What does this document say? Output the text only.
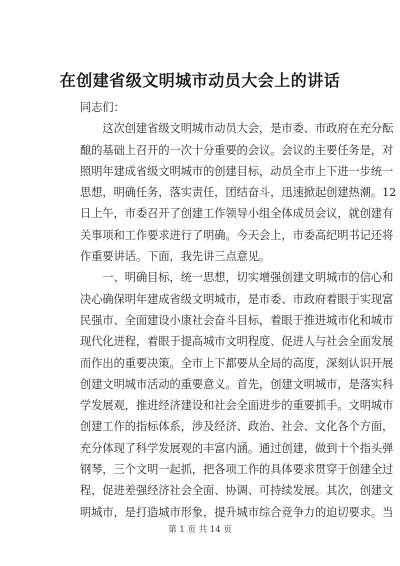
在创建省级文明城市动员大会上的讲话
同志们：
　　这次创建省级文明城市动员大会，是市委、市政府在充分酝
酿的基础上召开的一次十分重要的会议。会议的主要任务是，对
照明年建成省级文明城市的创建目标，动员全市上下进一步统一
思想，明确任务，落实责任，团结奋斗，迅速掀起创建热潮。12
日上午，市委召开了创建工作领导小组全体成员会议，就创建有
关事项和工作要求进行了明确。今天会上，市委高纪明书记还将
作重要讲话。下面，我先讲三点意见。
　　一、明确目标，统一思想，切实增强创建文明城市的信心和
决心确保明年建成省级文明城市，是市委、市政府着眼于实现富
民强市、全面建设小康社会奋斗目标，着眼于推进城市化和城市
现代化进程，着眼于提高城市文明程度、促进人与社会全面发展
而作出的重要决策。全市上下都要从全局的高度，深刻认识开展
创建文明城市活动的重要意义。首先，创建文明城市，是落实科
学发展观，推进经济建设和社会全面进步的重要抓手。文明城市
创建工作的指标体系，涉及经济、政治、社会、文化各个方面，
充分体现了科学发展观的丰富内涵。通过创建，做到十个指头弹
钢琴，三个文明一起抓，把各项工作的具体要求贯穿于创建全过
程，促进差强经济社会全面、协调、可持续发展。其次，创建文
明城市，是打造城市形象，提升城市综合竞争力的迫切要求。当
第 1 页 共 14 页
